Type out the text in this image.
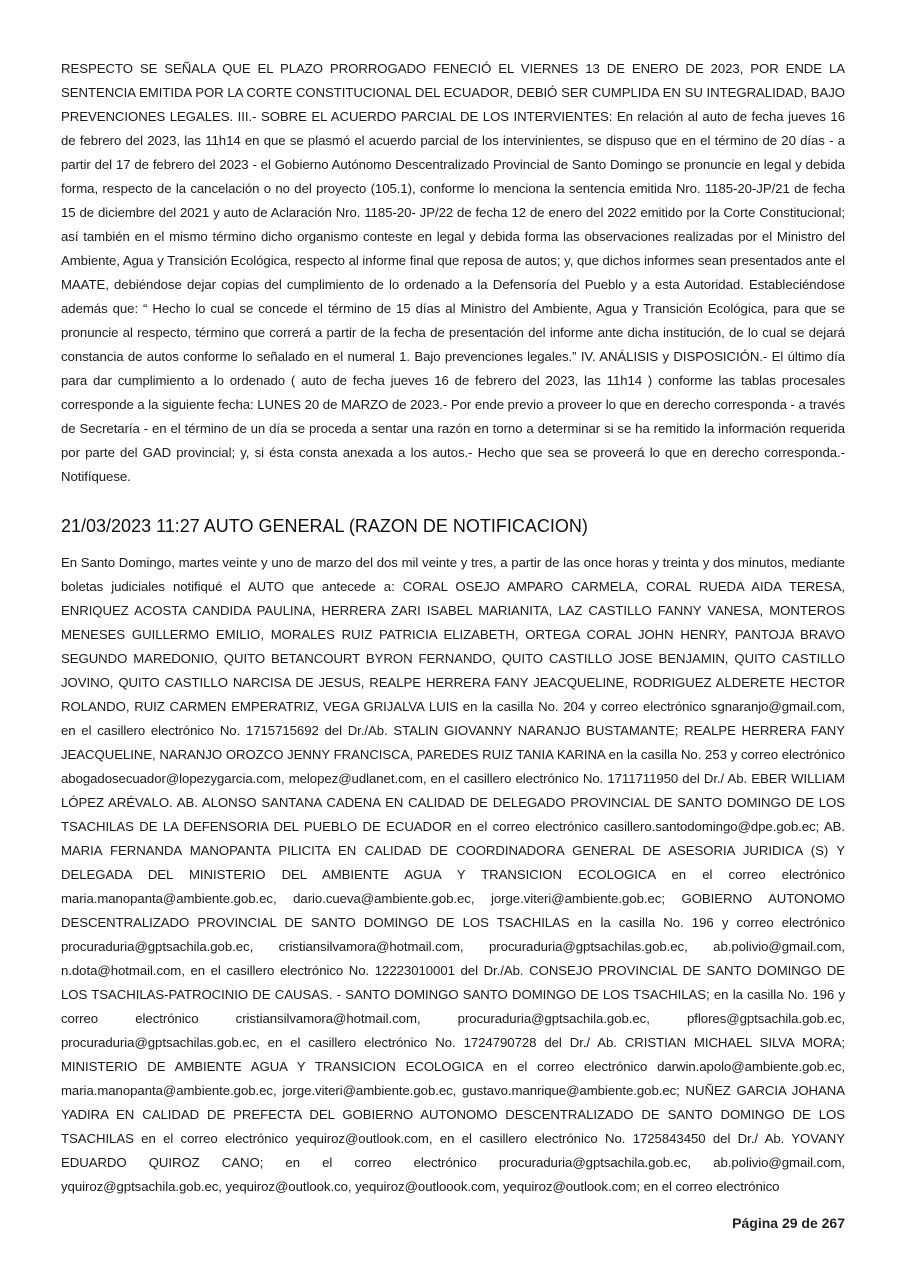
RESPECTO SE SEÑALA QUE EL PLAZO PRORROGADO FENECIÓ EL VIERNES 13 DE ENERO DE 2023, POR ENDE LA SENTENCIA EMITIDA POR LA CORTE CONSTITUCIONAL DEL ECUADOR, DEBIÓ SER CUMPLIDA EN SU INTEGRALIDAD, BAJO PREVENCIONES LEGALES. III.- SOBRE EL ACUERDO PARCIAL DE LOS INTERVIENTES: En relación al auto de fecha jueves 16 de febrero del 2023, las 11h14 en que se plasmó el acuerdo parcial de los intervinientes, se dispuso que en el término de 20 días - a partir del 17 de febrero del 2023 - el Gobierno Autónomo Descentralizado Provincial de Santo Domingo se pronuncie en legal y debida forma, respecto de la cancelación o no del proyecto (105.1), conforme lo menciona la sentencia emitida Nro. 1185-20-JP/21 de fecha 15 de diciembre del 2021 y auto de Aclaración Nro. 1185-20- JP/22 de fecha 12 de enero del 2022 emitido por la Corte Constitucional; así también en el mismo término dicho organismo conteste en legal y debida forma las observaciones realizadas por el Ministro del Ambiente, Agua y Transición Ecológica, respecto al informe final que reposa de autos; y, que dichos informes sean presentados ante el MAATE, debiéndose dejar copias del cumplimiento de lo ordenado a la Defensoría del Pueblo y a esta Autoridad. Estableciéndose además que: “ Hecho lo cual se concede el término de 15 días al Ministro del Ambiente, Agua y Transición Ecológica, para que se pronuncie al respecto, término que correrá a partir de la fecha de presentación del informe ante dicha institución, de lo cual se dejará constancia de autos conforme lo señalado en el numeral 1. Bajo prevenciones legales.” IV. ANÁLISIS y DISPOSICIÓN.- El último día para dar cumplimiento a lo ordenado ( auto de fecha jueves 16 de febrero del 2023, las 11h14 ) conforme las tablas procesales corresponde a la siguiente fecha: LUNES 20 de MARZO de 2023.- Por ende previo a proveer lo que en derecho corresponda - a través de Secretaría - en el término de un día se proceda a sentar una razón en torno a determinar si se ha remitido la información requerida por parte del GAD provincial; y, si ésta consta anexada a los autos.- Hecho que sea se proveerá lo que en derecho corresponda.- Notifíquese.

21/03/2023 11:27 AUTO GENERAL (RAZON DE NOTIFICACION)

En Santo Domingo, martes veinte y uno de marzo del dos mil veinte y tres, a partir de las once horas y treinta y dos minutos, mediante boletas judiciales notifiqué el AUTO que antecede a: CORAL OSEJO AMPARO CARMELA, CORAL RUEDA AIDA TERESA, ENRIQUEZ ACOSTA CANDIDA PAULINA, HERRERA ZARI ISABEL MARIANITA, LAZ CASTILLO FANNY VANESA, MONTEROS MENESES GUILLERMO EMILIO, MORALES RUIZ PATRICIA ELIZABETH, ORTEGA CORAL JOHN HENRY, PANTOJA BRAVO SEGUNDO MAREDONIO, QUITO BETANCOURT BYRON FERNANDO, QUITO CASTILLO JOSE BENJAMIN, QUITO CASTILLO JOVINO, QUITO CASTILLO NARCISA DE JESUS, REALPE HERRERA FANY JEACQUELINE, RODRIGUEZ ALDERETE HECTOR ROLANDO, RUIZ CARMEN EMPERATRIZ, VEGA GRIJALVA LUIS en la casilla No. 204 y correo electrónico sgnaranjo@gmail.com, en el casillero electrónico No. 1715715692 del Dr./Ab. STALIN GIOVANNY NARANJO BUSTAMANTE; REALPE HERRERA FANY JEACQUELINE, NARANJO OROZCO JENNY FRANCISCA, PAREDES RUIZ TANIA KARINA en la casilla No. 253 y correo electrónico abogadosecuador@lopezygarcia.com, melopez@udlanet.com, en el casillero electrónico No. 1711711950 del Dr./ Ab. EBER WILLIAM LÓPEZ ARÉVALO. AB. ALONSO SANTANA CADENA EN CALIDAD DE DELEGADO PROVINCIAL DE SANTO DOMINGO DE LOS TSACHILAS DE LA DEFENSORIA DEL PUEBLO DE ECUADOR en el correo electrónico casillero.santodomingo@dpe.gob.ec; AB. MARIA FERNANDA MANOPANTA PILICITA EN CALIDAD DE COORDINADORA GENERAL DE ASESORIA JURIDICA (S) Y DELEGADA DEL MINISTERIO DEL AMBIENTE AGUA Y TRANSICION ECOLOGICA en el correo electrónico maria.manopanta@ambiente.gob.ec, dario.cueva@ambiente.gob.ec, jorge.viteri@ambiente.gob.ec; GOBIERNO AUTONOMO DESCENTRALIZADO PROVINCIAL DE SANTO DOMINGO DE LOS TSACHILAS en la casilla No. 196 y correo electrónico procuraduria@gptsachila.gob.ec, cristiansilvamora@hotmail.com, procuraduria@gptsachilas.gob.ec, ab.polivio@gmail.com, n.dota@hotmail.com, en el casillero electrónico No. 12223010001 del Dr./Ab. CONSEJO PROVINCIAL DE SANTO DOMINGO DE LOS TSACHILAS-PATROCINIO DE CAUSAS. - SANTO DOMINGO SANTO DOMINGO DE LOS TSACHILAS; en la casilla No. 196 y correo electrónico cristiansilvamora@hotmail.com, procuraduria@gptsachila.gob.ec, pflores@gptsachila.gob.ec, procuraduria@gptsachilas.gob.ec, en el casillero electrónico No. 1724790728 del Dr./ Ab. CRISTIAN MICHAEL SILVA MORA; MINISTERIO DE AMBIENTE AGUA Y TRANSICION ECOLOGICA en el correo electrónico darwin.apolo@ambiente.gob.ec, maria.manopanta@ambiente.gob.ec, jorge.viteri@ambiente.gob.ec, gustavo.manrique@ambiente.gob.ec; NUÑEZ GARCIA JOHANA YADIRA EN CALIDAD DE PREFECTA DEL GOBIERNO AUTONOMO DESCENTRALIZADO DE SANTO DOMINGO DE LOS TSACHILAS en el correo electrónico yequiroz@outlook.com, en el casillero electrónico No. 1725843450 del Dr./ Ab. YOVANY EDUARDO QUIROZ CANO; en el correo electrónico procuraduria@gptsachila.gob.ec, ab.polivio@gmail.com, yquiroz@gptsachila.gob.ec, yequiroz@outlook.co, yequiroz@outloook.com, yequiroz@outlook.com; en el correo electrónico

Página 29 de 267
